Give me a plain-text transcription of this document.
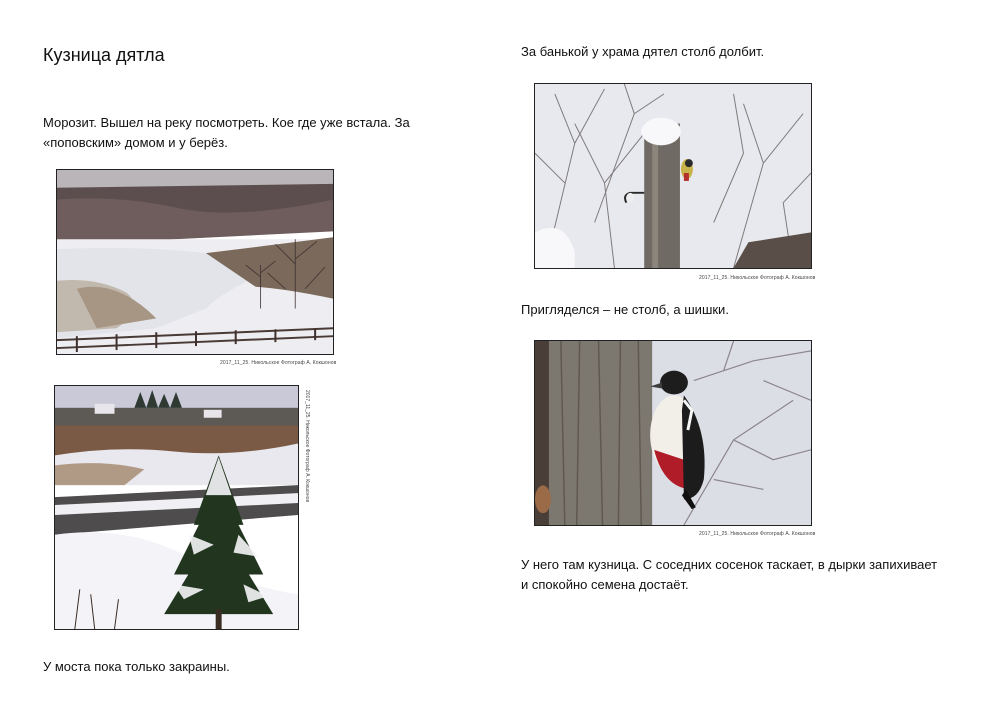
Кузница дятла
Морозит. Вышел на реку посмотреть. Кое где уже встала. За «поповским» домом и у берёз.
2017_11_25. Никольское Фотограф А. Кокшонов
2017_11_25. Никольское Фотограф А. Кокшонов
У моста пока только закраины.
За банькой у храма дятел столб долбит.
2017_11_25. Никольское Фотограф А. Кокшонов
Пригляделся – не столб, а шишки.
2017_11_25. Никольское Фотограф А. Кокшонов
У него там кузница. С соседних сосенок таскает, в дырки запихивает и спокойно семена достаёт.
